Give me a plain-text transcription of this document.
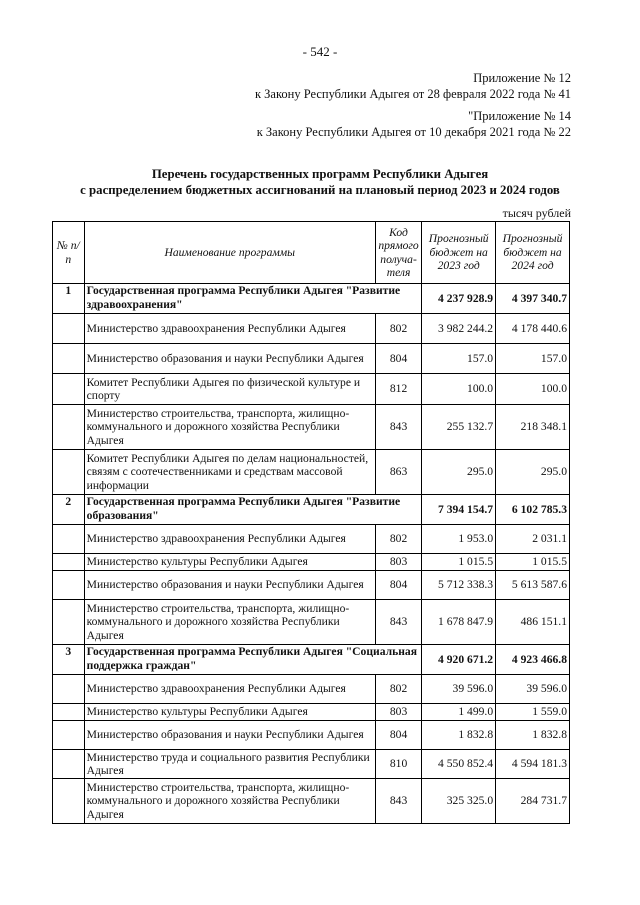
- 542 -
Приложение № 12
к Закону Республики Адыгея от 28 февраля 2022 года № 41
"Приложение № 14
к Закону Республики Адыгея от 10 декабря 2021 года № 22
Перечень государственных программ Республики Адыгея
с распределением бюджетных ассигнований на плановый период 2023 и 2024 годов
тысяч рублей
№ п/п	Наименование программы	Код прямого получа-теля	Прогнозный бюджет на 2023 год	Прогнозный бюджет на 2024 год
1	Государственная программа Республики Адыгея "Развитие здравоохранения"		4 237 928.9	4 397 340.7
	Министерство здравоохранения Республики Адыгея	802	3 982 244.2	4 178 440.6
	Министерство образования и науки Республики Адыгея	804	157.0	157.0
	Комитет Республики Адыгея по физической культуре и спорту	812	100.0	100.0
	Министерство строительства, транспорта, жилищно-коммунального и дорожного хозяйства Республики Адыгея	843	255 132.7	218 348.1
	Комитет Республики Адыгея по делам национальностей, связям с соотечественниками и средствам массовой информации	863	295.0	295.0
2	Государственная программа Республики Адыгея "Развитие образования"		7 394 154.7	6 102 785.3
	Министерство здравоохранения Республики Адыгея	802	1 953.0	2 031.1
	Министерство культуры Республики Адыгея	803	1 015.5	1 015.5
	Министерство образования и науки Республики Адыгея	804	5 712 338.3	5 613 587.6
	Министерство строительства, транспорта, жилищно-коммунального и дорожного хозяйства Республики Адыгея	843	1 678 847.9	486 151.1
3	Государственная программа Республики Адыгея "Социальная поддержка граждан"		4 920 671.2	4 923 466.8
	Министерство здравоохранения Республики Адыгея	802	39 596.0	39 596.0
	Министерство культуры Республики Адыгея	803	1 499.0	1 559.0
	Министерство образования и науки Республики Адыгея	804	1 832.8	1 832.8
	Министерство труда и социального развития Республики Адыгея	810	4 550 852.4	4 594 181.3
	Министерство строительства, транспорта, жилищно-коммунального и дорожного хозяйства Республики Адыгея	843	325 325.0	284 731.7
